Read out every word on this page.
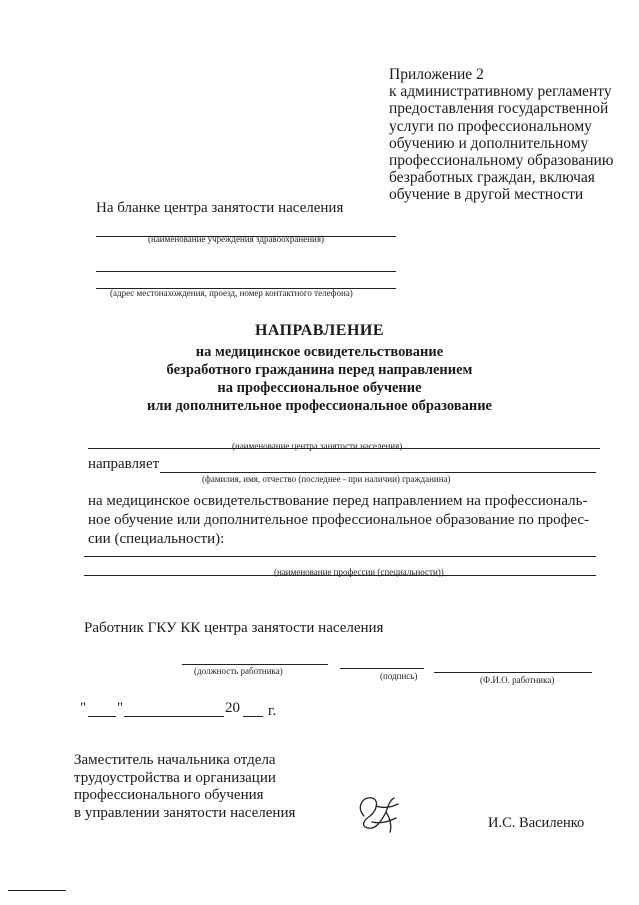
Приложение 2
к административному регламенту
предоставления государственной
услуги по профессиональному
обучению и дополнительному
профессиональному образованию
безработных граждан, включая
обучение в другой местности
На бланке центра занятости населения
(наименование учреждения здравоохранения)
(адрес местонахождения, проезд, номер контактного телефона)
НАПРАВЛЕНИЕ
на медицинское освидетельствование
безработного гражданина перед направлением
на профессиональное обучение
или дополнительное профессиональное образование
(наименование центра занятости населения)
направляет
(фамилия, имя, отчество (последнее - при наличии) гражданина)
на медицинское освидетельствование перед направлением на профессиональ-
ное обучение или дополнительное профессиональное образование по профес-
сии (специальности):
(наименование профессии (специальности))
Работник ГКУ КК центра занятости населения
(должность работника)	(подпись)	(Ф.И.О. работника)
" "	20 г.
Заместитель начальника отдела
трудоустройства и организации
профессионального обучения
в управлении занятости населения
И.С. Василенко
